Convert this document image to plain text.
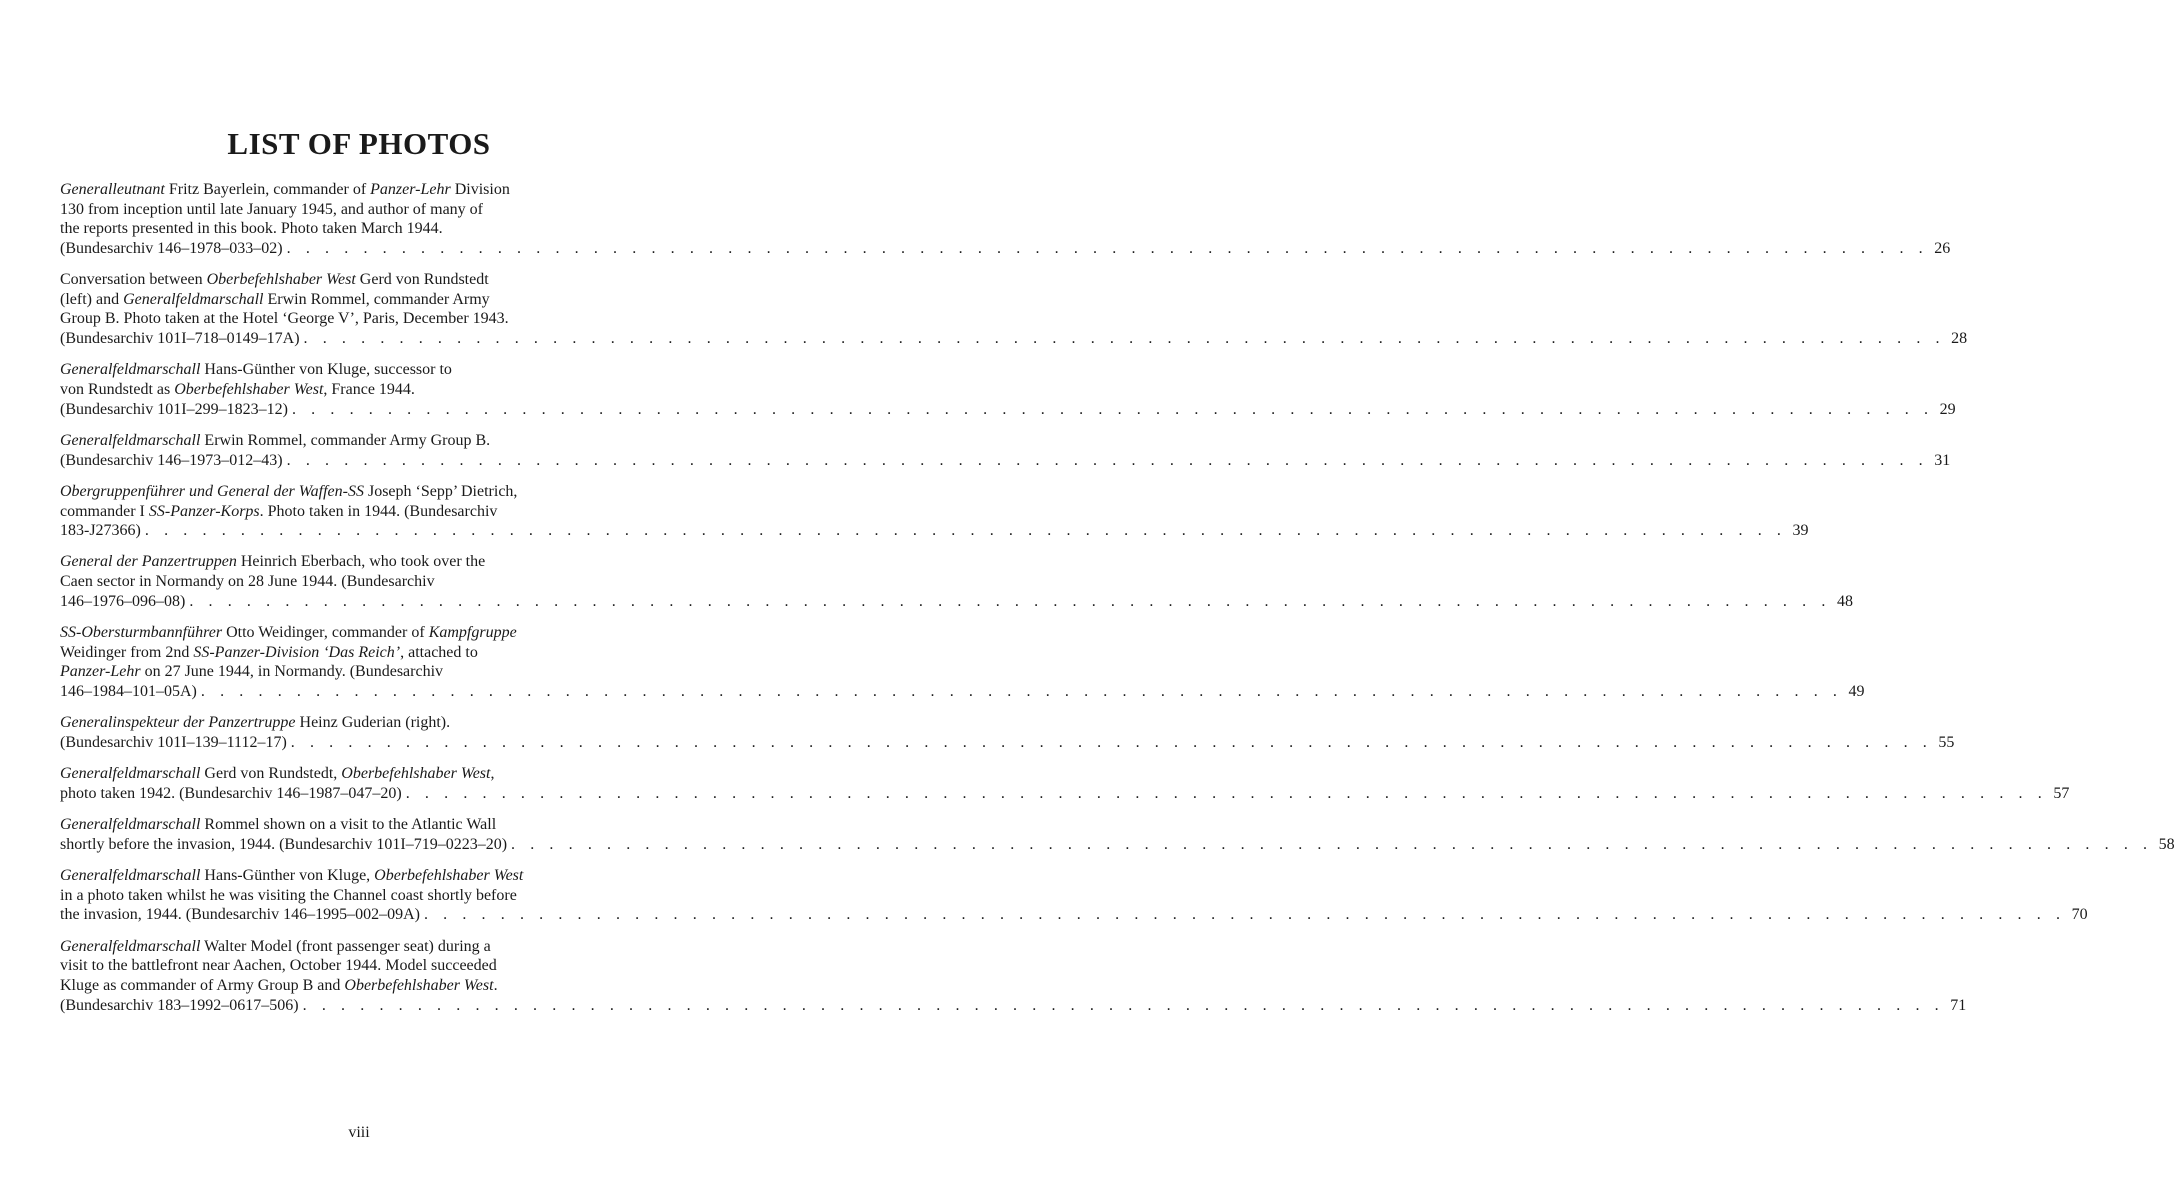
LIST OF PHOTOS
Generalleutnant Fritz Bayerlein, commander of Panzer-Lehr Division
130 from inception until late January 1945, and author of many of
the reports presented in this book. Photo taken March 1944.
(Bundesarchiv 146–1978–033–02) . . . . . . . . . . . . . . . . . . . . . . . . . . . . . . . . . . . . . . . . . . . . . . . . . . . . . . . . . . . . . . . . . . . . . . . . . . . . . . . . . . . . . . 26
Conversation between Oberbefehlshaber West Gerd von Rundstedt
(left) and Generalfeldmarschall Erwin Rommel, commander Army
Group B. Photo taken at the Hotel ‘George V’, Paris, December 1943.
(Bundesarchiv 101I–718–0149–17A) . . . . . . . . . . . . . . . . . . . . . . . . . . . . . . . . . . . . . . . . . . . . . . . . . . . . . . . . . . . . . . . . . . . . . . . . . . . . . . . . . . . . . . 28
Generalfeldmarschall Hans-Günther von Kluge, successor to
von Rundstedt as Oberbefehlshaber West, France 1944.
(Bundesarchiv 101I–299–1823–12) . . . . . . . . . . . . . . . . . . . . . . . . . . . . . . . . . . . . . . . . . . . . . . . . . . . . . . . . . . . . . . . . . . . . . . . . . . . . . . . . . . . . . . 29
Generalfeldmarschall Erwin Rommel, commander Army Group B.
(Bundesarchiv 146–1973–012–43) . . . . . . . . . . . . . . . . . . . . . . . . . . . . . . . . . . . . . . . . . . . . . . . . . . . . . . . . . . . . . . . . . . . . . . . . . . . . . . . . . . . . . . 31
Obergruppenführer und General der Waffen-SS Joseph ‘Sepp’ Dietrich,
commander I SS-Panzer-Korps. Photo taken in 1944. (Bundesarchiv
183-J27366) . . . . . . . . . . . . . . . . . . . . . . . . . . . . . . . . . . . . . . . . . . . . . . . . . . . . . . . . . . . . . . . . . . . . . . . . . . . . . . . . . . . . . . 39
General der Panzertruppen Heinrich Eberbach, who took over the
Caen sector in Normandy on 28 June 1944. (Bundesarchiv
146–1976–096–08) . . . . . . . . . . . . . . . . . . . . . . . . . . . . . . . . . . . . . . . . . . . . . . . . . . . . . . . . . . . . . . . . . . . . . . . . . . . . . . . . . . . . . . 48
SS-Obersturmbannführer Otto Weidinger, commander of Kampfgruppe
Weidinger from 2nd SS-Panzer-Division ‘Das Reich’, attached to
Panzer-Lehr on 27 June 1944, in Normandy. (Bundesarchiv
146–1984–101–05A) . . . . . . . . . . . . . . . . . . . . . . . . . . . . . . . . . . . . . . . . . . . . . . . . . . . . . . . . . . . . . . . . . . . . . . . . . . . . . . . . . . . . . . 49
Generalinspekteur der Panzertruppe Heinz Guderian (right).
(Bundesarchiv 101I–139–1112–17) . . . . . . . . . . . . . . . . . . . . . . . . . . . . . . . . . . . . . . . . . . . . . . . . . . . . . . . . . . . . . . . . . . . . . . . . . . . . . . . . . . . . . . 55
Generalfeldmarschall Gerd von Rundstedt, Oberbefehlshaber West,
photo taken 1942. (Bundesarchiv 146–1987–047–20) . . . . . . . . . . . . . . . . . . . . . . . . . . . . . . . . . . . . . . . . . . . . . . . . . . . . . . . . . . . . . . . . . . . . . . . . . . . . . . . . . . . . . . 57
Generalfeldmarschall Rommel shown on a visit to the Atlantic Wall
shortly before the invasion, 1944. (Bundesarchiv 101I–719–0223–20) . . . . . . . . . . . . . . . . . . . . . . . . . . . . . . . . . . . . . . . . . . . . . . . . . . . . . . . . . . . . . . . . . . . . . . . . . . . . . . . . . . . . . . 58
Generalfeldmarschall Hans-Günther von Kluge, Oberbefehlshaber West
in a photo taken whilst he was visiting the Channel coast shortly before
the invasion, 1944. (Bundesarchiv 146–1995–002–09A) . . . . . . . . . . . . . . . . . . . . . . . . . . . . . . . . . . . . . . . . . . . . . . . . . . . . . . . . . . . . . . . . . . . . . . . . . . . . . . . . . . . . . . 70
Generalfeldmarschall Walter Model (front passenger seat) during a
visit to the battlefront near Aachen, October 1944. Model succeeded
Kluge as commander of Army Group B and Oberbefehlshaber West.
(Bundesarchiv 183–1992–0617–506) . . . . . . . . . . . . . . . . . . . . . . . . . . . . . . . . . . . . . . . . . . . . . . . . . . . . . . . . . . . . . . . . . . . . . . . . . . . . . . . . . . . . . . 71
viii
